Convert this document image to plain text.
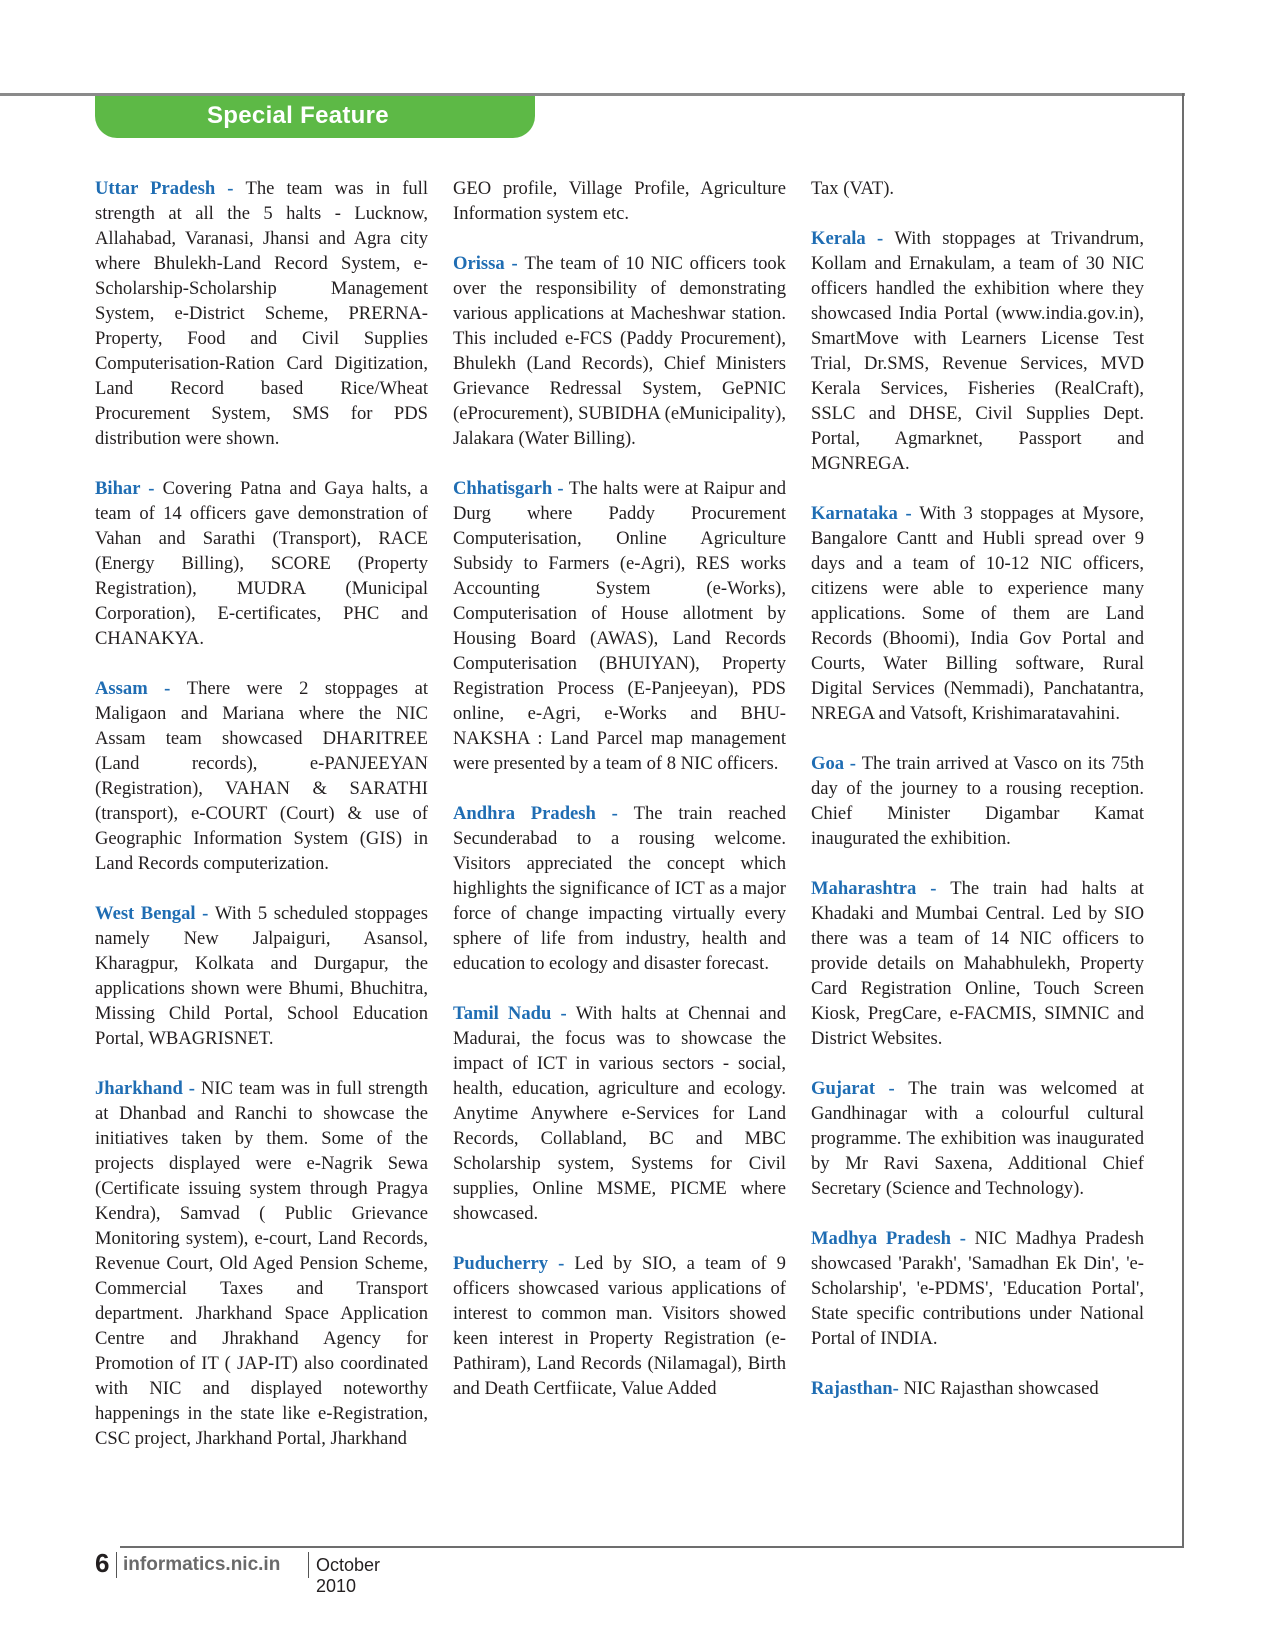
Special Feature

Uttar Pradesh - The team was in full strength at all the 5 halts - Lucknow, Allahabad, Varanasi, Jhansi and Agra city where Bhulekh-Land Record System, e-Scholarship-Scholarship Management System, e-District Scheme, PRERNA-Property, Food and Civil Supplies Computerisation-Ration Card Digitization, Land Record based Rice/Wheat Procurement System, SMS for PDS distribution were shown.

Bihar - Covering Patna and Gaya halts, a team of 14 officers gave demonstration of Vahan and Sarathi (Transport), RACE (Energy Billing), SCORE (Property Registration), MUDRA (Municipal Corporation), E-certificates, PHC and CHANAKYA.

Assam - There were 2 stoppages at Maligaon and Mariana where the NIC Assam team showcased DHARITREE (Land records), e-PANJEEYAN (Registration), VAHAN & SARATHI (transport), e-COURT (Court) & use of Geographic Information System (GIS) in Land Records computerization.

West Bengal - With 5 scheduled stoppages namely New Jalpaiguri, Asansol, Kharagpur, Kolkata and Durgapur, the applications shown were Bhumi, Bhuchitra, Missing Child Portal, School Education Portal, WBAGRISNET.

Jharkhand - NIC team was in full strength at Dhanbad and Ranchi to showcase the initiatives taken by them. Some of the projects displayed were e-Nagrik Sewa (Certificate issuing system through Pragya Kendra), Samvad ( Public Grievance Monitoring system), e-court, Land Records, Revenue Court, Old Aged Pension Scheme, Commercial Taxes and Transport department. Jharkhand Space Application Centre and Jhrakhand Agency for Promotion of IT ( JAP-IT) also coordinated with NIC and displayed noteworthy happenings in the state like e-Registration, CSC project, Jharkhand Portal, Jharkhand

GEO profile, Village Profile, Agriculture Information system etc.

Orissa - The team of 10 NIC officers took over the responsibility of demonstrating various applications at Macheshwar station. This included e-FCS (Paddy Procurement), Bhulekh (Land Records), Chief Ministers Grievance Redressal System, GePNIC (eProcurement), SUBIDHA (eMunicipality), Jalakara (Water Billing).

Chhatisgarh - The halts were at Raipur and Durg where Paddy Procurement Computerisation, Online Agriculture Subsidy to Farmers (e-Agri), RES works Accounting System (e-Works), Computerisation of House allotment by Housing Board (AWAS), Land Records Computerisation (BHUIYAN), Property Registration Process (E-Panjeeyan), PDS online, e-Agri, e-Works and BHU-NAKSHA : Land Parcel map management were presented by a team of 8 NIC officers.

Andhra Pradesh - The train reached Secunderabad to a rousing welcome. Visitors appreciated the concept which highlights the significance of ICT as a major force of change impacting virtually every sphere of life from industry, health and education to ecology and disaster forecast.

Tamil Nadu - With halts at Chennai and Madurai, the focus was to showcase the impact of ICT in various sectors - social, health, education, agriculture and ecology. Anytime Anywhere e-Services for Land Records, Collabland, BC and MBC Scholarship system, Systems for Civil supplies, Online MSME, PICME where showcased.

Puducherry - Led by SIO, a team of 9 officers showcased various applications of interest to common man. Visitors showed keen interest in Property Registration (e-Pathiram), Land Records (Nilamagal), Birth and Death Certfiicate, Value Added

Tax (VAT).

Kerala - With stoppages at Trivandrum, Kollam and Ernakulam, a team of 30 NIC officers handled the exhibition where they showcased India Portal (www.india.gov.in), SmartMove with Learners License Test Trial, Dr.SMS, Revenue Services, MVD Kerala Services, Fisheries (RealCraft), SSLC and DHSE, Civil Supplies Dept. Portal, Agmarknet, Passport and MGNREGA.

Karnataka - With 3 stoppages at Mysore, Bangalore Cantt and Hubli spread over 9 days and a team of 10-12 NIC officers, citizens were able to experience many applications. Some of them are Land Records (Bhoomi), India Gov Portal and Courts, Water Billing software, Rural Digital Services (Nemmadi), Panchatantra, NREGA and Vatsoft, Krishimaratavahini.

Goa - The train arrived at Vasco on its 75th day of the journey to a rousing reception. Chief Minister Digambar Kamat inaugurated the exhibition.

Maharashtra - The train had halts at Khadaki and Mumbai Central. Led by SIO there was a team of 14 NIC officers to provide details on Mahabhulekh, Property Card Registration Online, Touch Screen Kiosk, PregCare, e-FACMIS, SIMNIC and District Websites.

Gujarat - The train was welcomed at Gandhinagar with a colourful cultural programme. The exhibition was inaugurated by Mr Ravi Saxena, Additional Chief Secretary (Science and Technology).

Madhya Pradesh - NIC Madhya Pradesh showcased 'Parakh', 'Samadhan Ek Din', 'e-Scholarship', 'e-PDMS', 'Education Portal', State specific contributions under National Portal of INDIA.

Rajasthan- NIC Rajasthan showcased

6 informatics.nic.in October 2010
